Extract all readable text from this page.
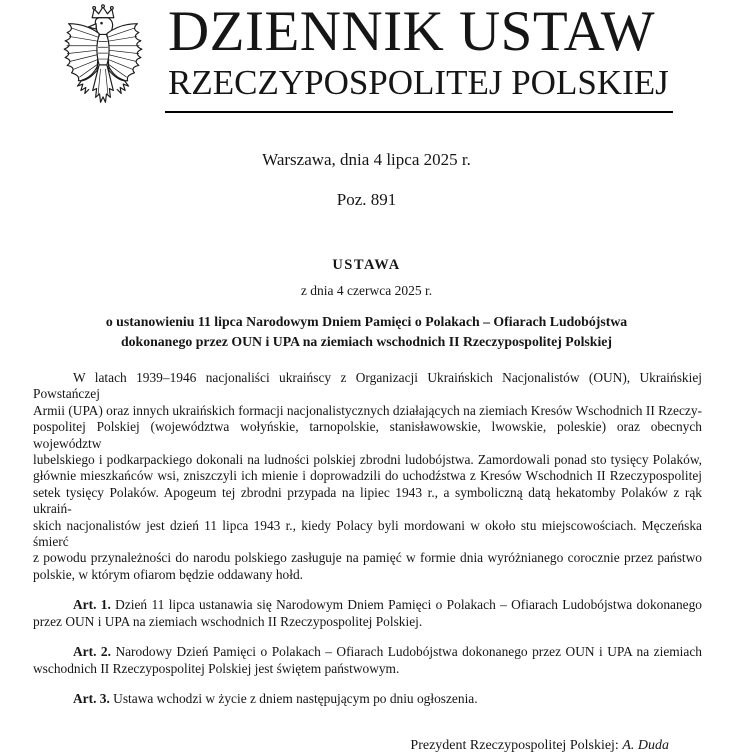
DZIENNIK USTAW
RZECZYPOSPOLITEJ POLSKIEJ
Warszawa, dnia 4 lipca 2025 r.
Poz. 891
USTAWA
z dnia 4 czerwca 2025 r.
o ustanowieniu 11 lipca Narodowym Dniem Pamięci o Polakach – Ofiarach Ludobójstwa
dokonanego przez OUN i UPA na ziemiach wschodnich II Rzeczypospolitej Polskiej
W latach 1939–1946 nacjonaliści ukraińscy z Organizacji Ukraińskich Nacjonalistów (OUN), Ukraińskiej Powstańczej
Armii (UPA) oraz innych ukraińskich formacji nacjonalistycznych działających na ziemiach Kresów Wschodnich II Rzeczy-
pospolitej Polskiej (województwa wołyńskie, tarnopolskie, stanisławowskie, lwowskie, poleskie) oraz obecnych województw
lubelskiego i podkarpackiego dokonali na ludności polskiej zbrodni ludobójstwa. Zamordowali ponad sto tysięcy Polaków,
głównie mieszkańców wsi, zniszczyli ich mienie i doprowadzili do uchodźstwa z Kresów Wschodnich II Rzeczypospolitej
setek tysięcy Polaków. Apogeum tej zbrodni przypada na lipiec 1943 r., a symboliczną datą hekatomby Polaków z rąk ukraiń-
skich nacjonalistów jest dzień 11 lipca 1943 r., kiedy Polacy byli mordowani w około stu miejscowościach. Męczeńska śmierć
z powodu przynależności do narodu polskiego zasługuje na pamięć w formie dnia wyróżnianego corocznie przez państwo
polskie, w którym ofiarom będzie oddawany hołd.

Art. 1. Dzień 11 lipca ustanawia się Narodowym Dniem Pamięci o Polakach – Ofiarach Ludobójstwa dokonanego przez OUN i UPA na ziemiach wschodnich II Rzeczypospolitej Polskiej.

Art. 2. Narodowy Dzień Pamięci o Polakach – Ofiarach Ludobójstwa dokonanego przez OUN i UPA na ziemiach wschodnich II Rzeczypospolitej Polskiej jest świętem państwowym.

Art. 3. Ustawa wchodzi w życie z dniem następującym po dniu ogłoszenia.

Prezydent Rzeczypospolitej Polskiej: A. Duda
